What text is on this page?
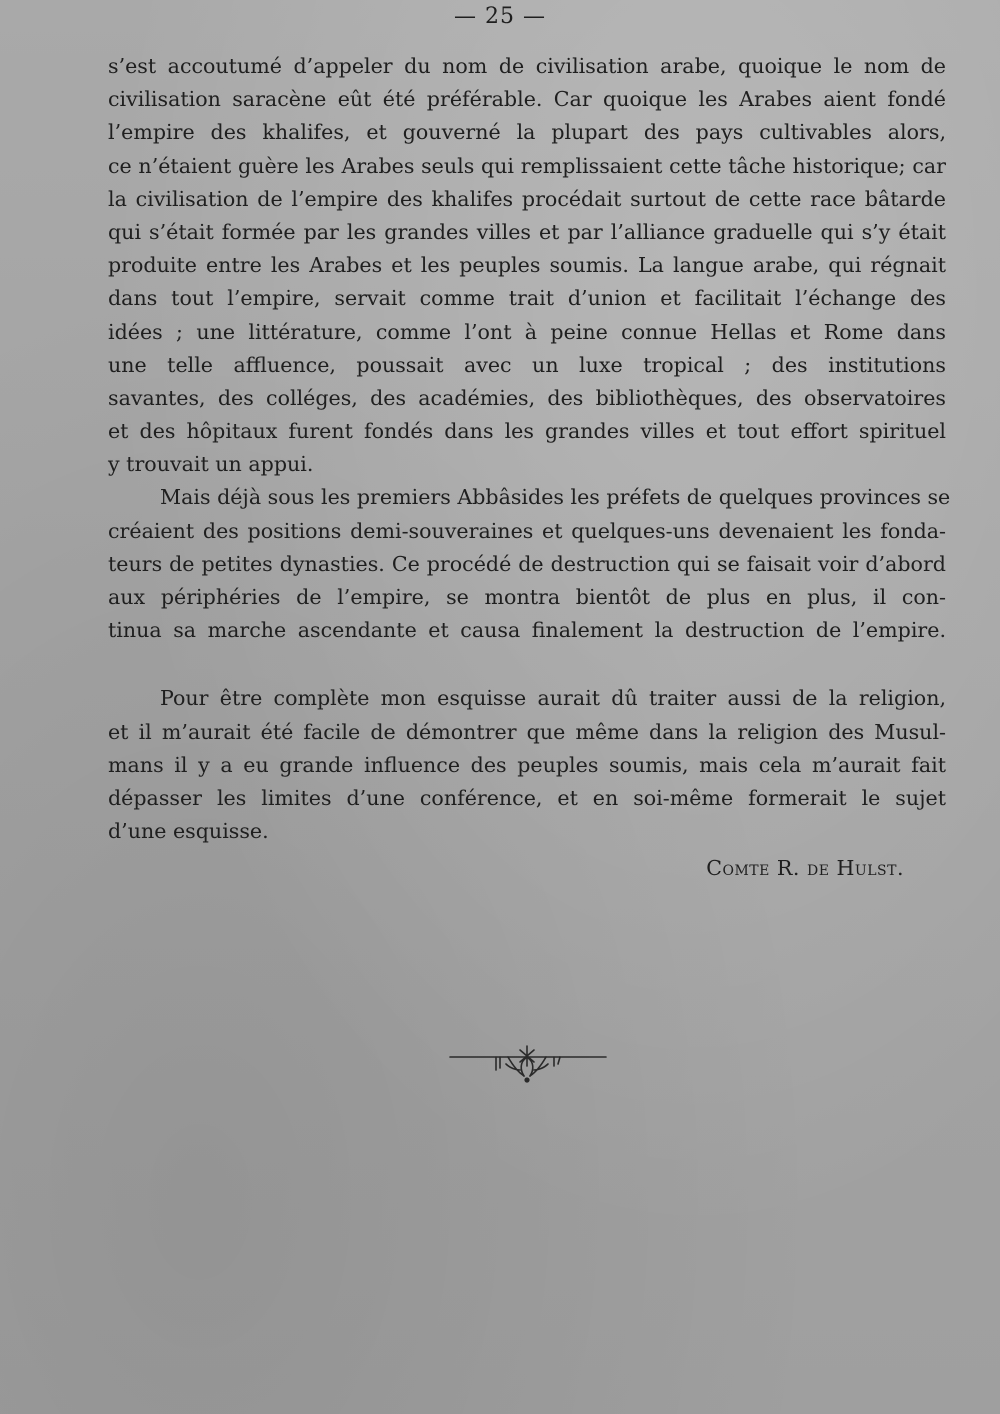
— 25 —
s’est accoutumé d’appeler du nom de civilisation arabe, quoique le nom de
civilisation saracène eût été préférable. Car quoique les Arabes aient fondé
l’empire des khalifes, et gouverné la plupart des pays cultivables alors,
ce n’étaient guère les Arabes seuls qui remplissaient cette tâche historique; car
la civilisation de l’empire des khalifes procédait surtout de cette race bâtarde
qui s’était formée par les grandes villes et par l’alliance graduelle qui s’y était
produite entre les Arabes et les peuples soumis. La langue arabe, qui régnait
dans tout l’empire, servait comme trait d’union et facilitait l’échange des
idées ; une littérature, comme l’ont à peine connue Hellas et Rome dans
une telle affluence, poussait avec un luxe tropical ; des institutions
savantes, des colléges, des académies, des bibliothèques, des observatoires
et des hôpitaux furent fondés dans les grandes villes et tout effort spirituel
y trouvait un appui.
Mais déjà sous les premiers Abbâsides les préfets de quelques provinces se
créaient des positions demi-souveraines et quelques-uns devenaient les fonda-
teurs de petites dynasties. Ce procédé de destruction qui se faisait voir d’abord
aux périphéries de l’empire, se montra bientôt de plus en plus, il con-
tinua sa marche ascendante et causa finalement la destruction de l’empire.
Pour être complète mon esquisse aurait dû traiter aussi de la religion,
et il m’aurait été facile de démontrer que même dans la religion des Musul-
mans il y a eu grande influence des peuples soumis, mais cela m’aurait fait
dépasser les limites d’une conférence, et en soi-même formerait le sujet
d’une esquisse.
Comte R. de Hulst.
